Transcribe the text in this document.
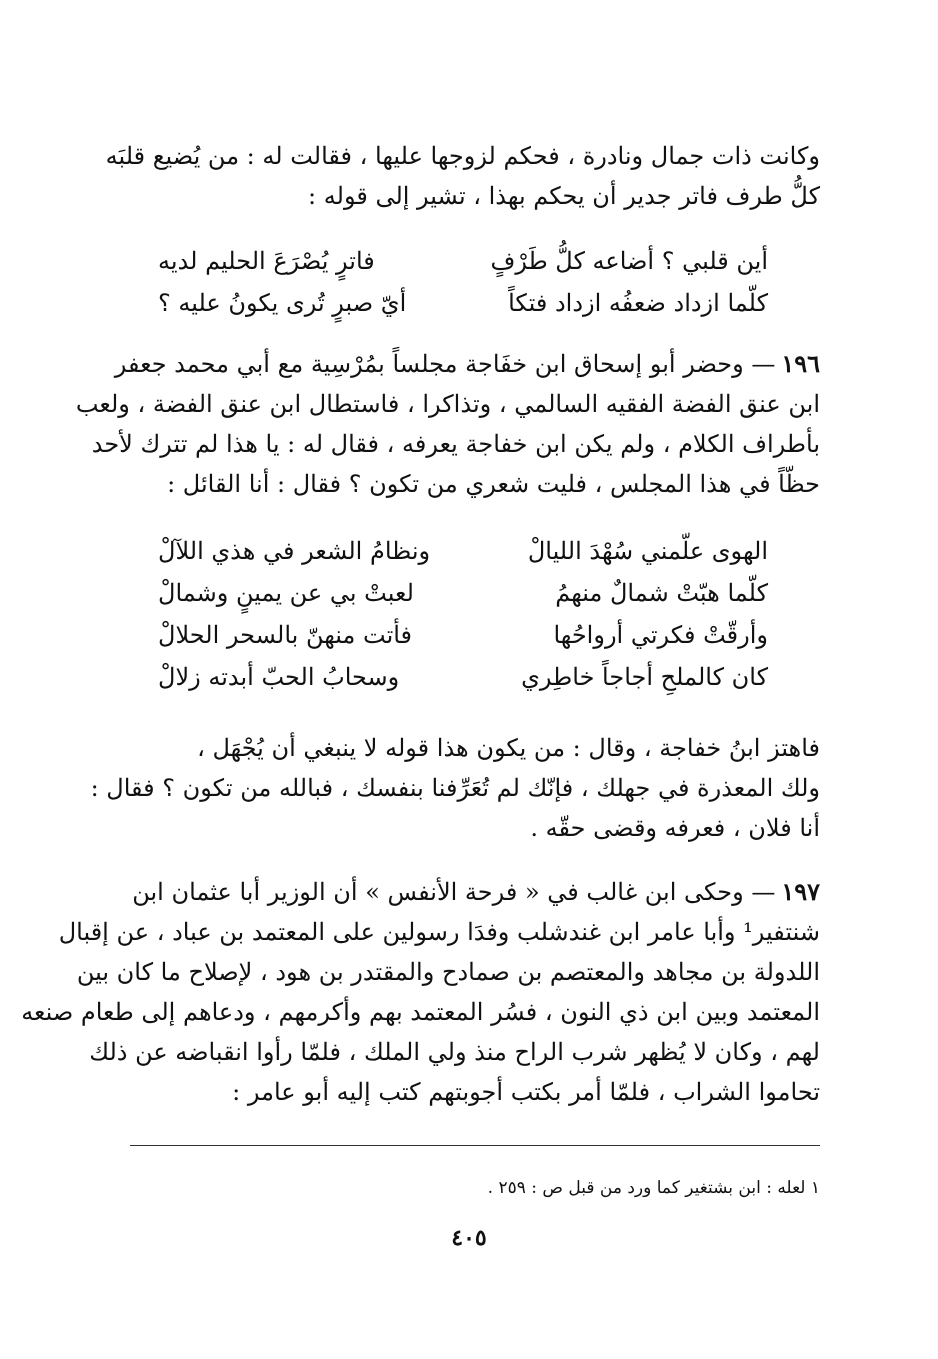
وكانت ذات جمال ونادرة ، فحكم لزوجها عليها ، فقالت له : من يُضيع قلبَه
كلُّ طرف فاتر جدير أن يحكم بهذا ، تشير إلى قوله :

أين قلبي ؟ أضاعه كلُّ طَرْفٍ
فاترٍ يُصْرَعَ الحليم لديه
كلّما ازداد ضعفُه ازداد فتكاً
أيّ صبرٍ تُرى يكونُ عليه ؟

١٩٦— وحضر أبو إسحاق ابن خفَاجة مجلساً بمُرْسِية مع أبي محمد جعفر
ابن عنق الفضة الفقيه السالمي ، وتذاكرا ، فاستطال ابن عنق الفضة ، ولعب
بأطراف الكلام ، ولم يكن ابن خفاجة يعرفه ، فقال له : يا هذا لم تترك لأحد
حظّاً في هذا المجلس ، فليت شعري من تكون ؟ فقال : أنا القائل :

الهوى علّمني سُهْدَ الليالْ
ونظامُ الشعر في هذي اللآلْ
كلّما هبّتْ شمالٌ منهمُ
لعبتْ بي عن يمينٍ وشمالْ
وأرقّتْ فكرتي أرواحُها
فأتت منهنّ بالسحر الحلالْ
كان كالملحِ أجاجاً خاطِري
وسحابُ الحبّ أبدته زلالْ

فاهتز ابنُ خفاجة ، وقال : من يكون هذا قوله لا ينبغي أن يُجْهَل ،
ولك المعذرة في جهلك ، فإنّك لم تُعَرِّفنا بنفسك ، فبالله من تكون ؟ فقال :
أنا فلان ، فعرفه وقضى حقّه .

١٩٧— وحكى ابن غالب في « فرحة الأنفس » أن الوزير أبا عثمان ابن
شنتفير¹ وأبا عامر ابن غندشلب وفدَا رسولين على المعتمد بن عباد ، عن إقبال
اللدولة بن مجاهد والمعتصم بن صمادح والمقتدر بن هود ، لإصلاح ما كان بين
المعتمد وبين ابن ذي النون ، فسُر المعتمد بهم وأكرمهم ، ودعاهم إلى طعام صنعه
لهم ، وكان لا يُظهر شرب الراح منذ ولي الملك ، فلمّا رأوا انقباضه عن ذلك
تحاموا الشراب ، فلمّا أمر بكتب أجوبتهم كتب إليه أبو عامر :

١ لعله : ابن بشتغير كما ورد من قبل ص : ٢٥٩ .
٤٠٥
